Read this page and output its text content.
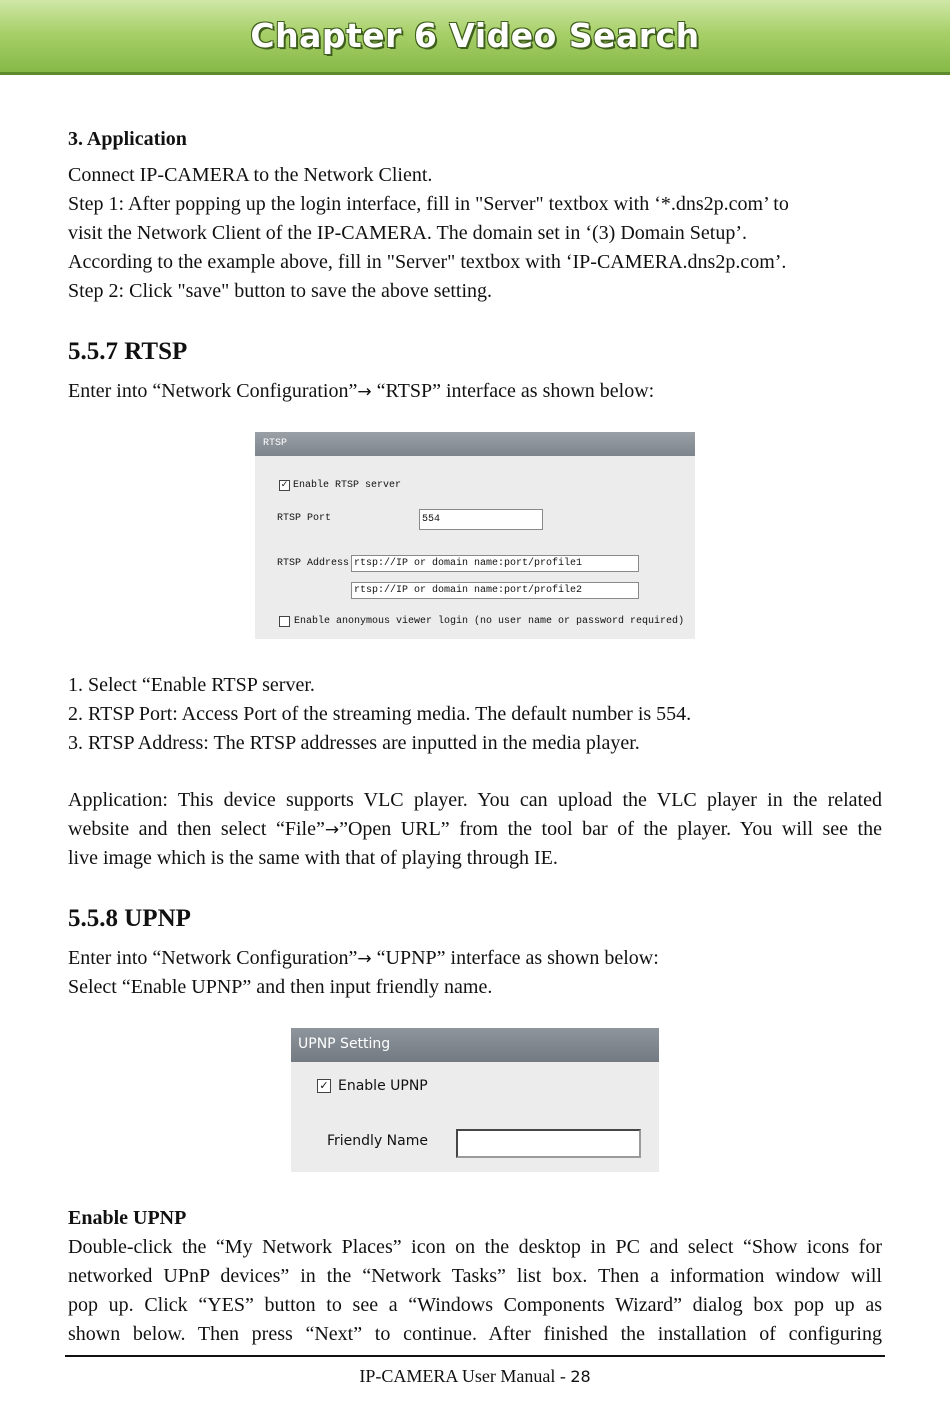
Chapter 6 Video Search

3. Application

Connect IP-CAMERA to the Network Client.

Step 1: After popping up the login interface, fill in "Server" textbox with ‘*.dns2p.com’ to

visit the Network Client of the IP-CAMERA. The domain set in ‘(3) Domain Setup’.

According to the example above, fill in "Server" textbox with ‘IP-CAMERA.dns2p.com’.

Step 2: Click "save" button to save the above setting.

5.5.7 RTSP

Enter into “Network Configuration”→ “RTSP” interface as shown below:

1. Select “Enable RTSP server.

2. RTSP Port: Access Port of the streaming media. The default number is 554.

3. RTSP Address: The RTSP addresses are inputted in the media player.

Application: This device supports VLC player. You can upload the VLC player in the related

website and then select “File”→”Open URL” from the tool bar of the player. You will see the

live image which is the same with that of playing through IE.

5.5.8 UPNP

Enter into “Network Configuration”→ “UPNP” interface as shown below:

Select “Enable UPNP” and then input friendly name.

Enable UPNP

Double-click the “My Network Places” icon on the desktop in PC and select “Show icons for

networked UPnP devices” in the “Network Tasks” list box. Then a information window will

pop up. Click “YES” button to see a “Windows Components Wizard” dialog box pop up as

shown below. Then press “Next” to continue. After finished the installation of configuring

RTSP
✓ Enable RTSP server
RTSP Port	554
RTSP Address rtsp://IP or domain name:port/profile1
rtsp://IP or domain name:port/profile2
Enable anonymous viewer login (no user name or password required)
UPNP Setting
✓ Enable UPNP
Friendly Name
IP-CAMERA User Manual - 28
